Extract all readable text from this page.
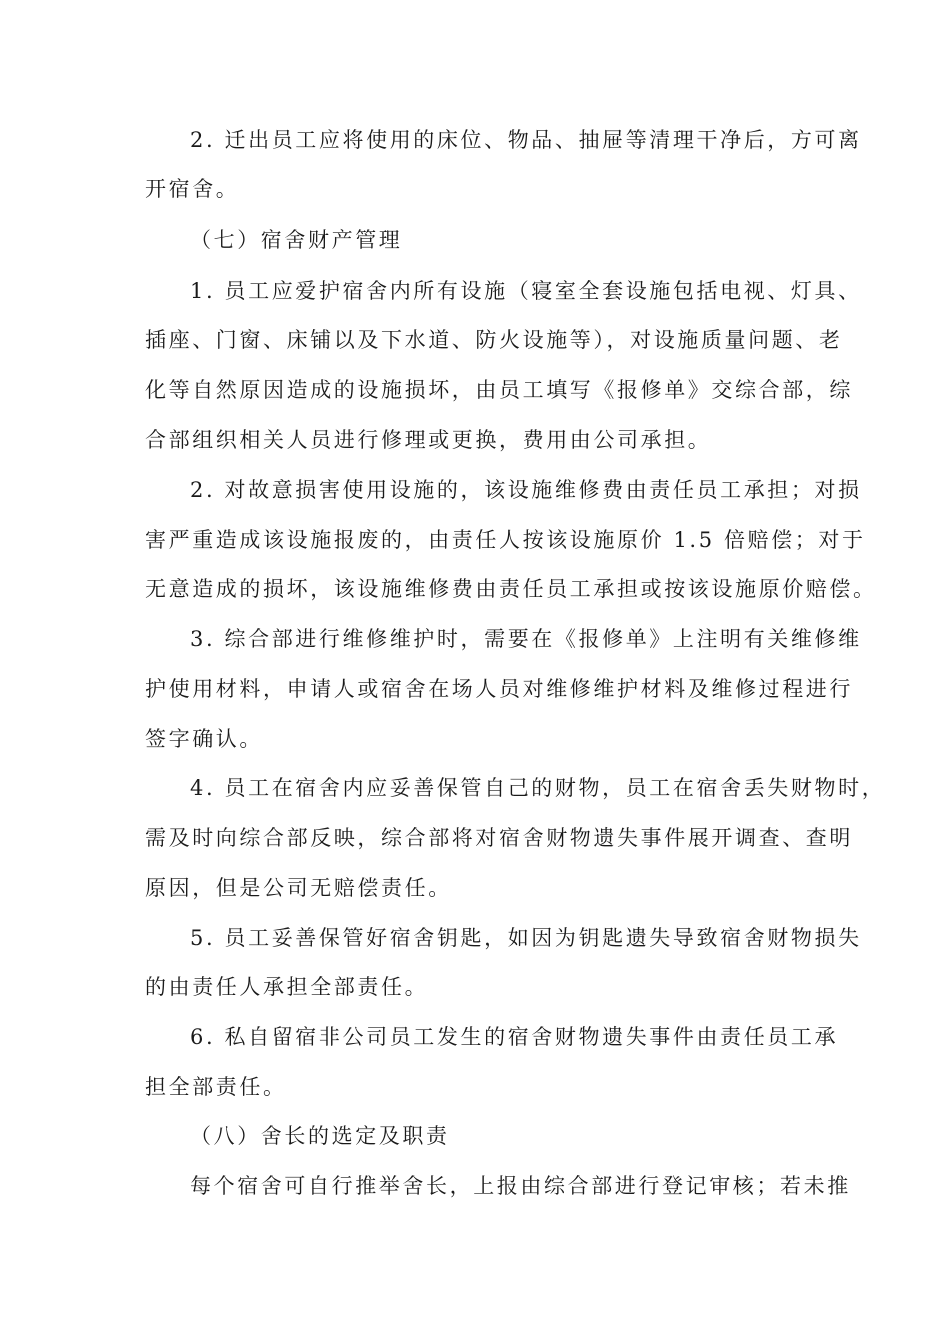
2. 迁出员工应将使用的床位、物品、抽屉等清理干净后，方可离
开宿舍。
（七）宿舍财产管理
1. 员工应爱护宿舍内所有设施（寝室全套设施包括电视、灯具、
插座、门窗、床铺以及下水道、防火设施等），对设施质量问题、老
化等自然原因造成的设施损坏，由员工填写《报修单》交综合部，综
合部组织相关人员进行修理或更换，费用由公司承担。
2. 对故意损害使用设施的，该设施维修费由责任员工承担；对损
害严重造成该设施报废的，由责任人按该设施原价 1.5 倍赔偿；对于
无意造成的损坏，该设施维修费由责任员工承担或按该设施原价赔偿。
3. 综合部进行维修维护时，需要在《报修单》上注明有关维修维
护使用材料，申请人或宿舍在场人员对维修维护材料及维修过程进行
签字确认。
4. 员工在宿舍内应妥善保管自己的财物，员工在宿舍丢失财物时，
需及时向综合部反映，综合部将对宿舍财物遗失事件展开调查、查明
原因，但是公司无赔偿责任。
5. 员工妥善保管好宿舍钥匙，如因为钥匙遗失导致宿舍财物损失
的由责任人承担全部责任。
6. 私自留宿非公司员工发生的宿舍财物遗失事件由责任员工承
担全部责任。
（八）舍长的选定及职责
每个宿舍可自行推举舍长，上报由综合部进行登记审核；若未推
